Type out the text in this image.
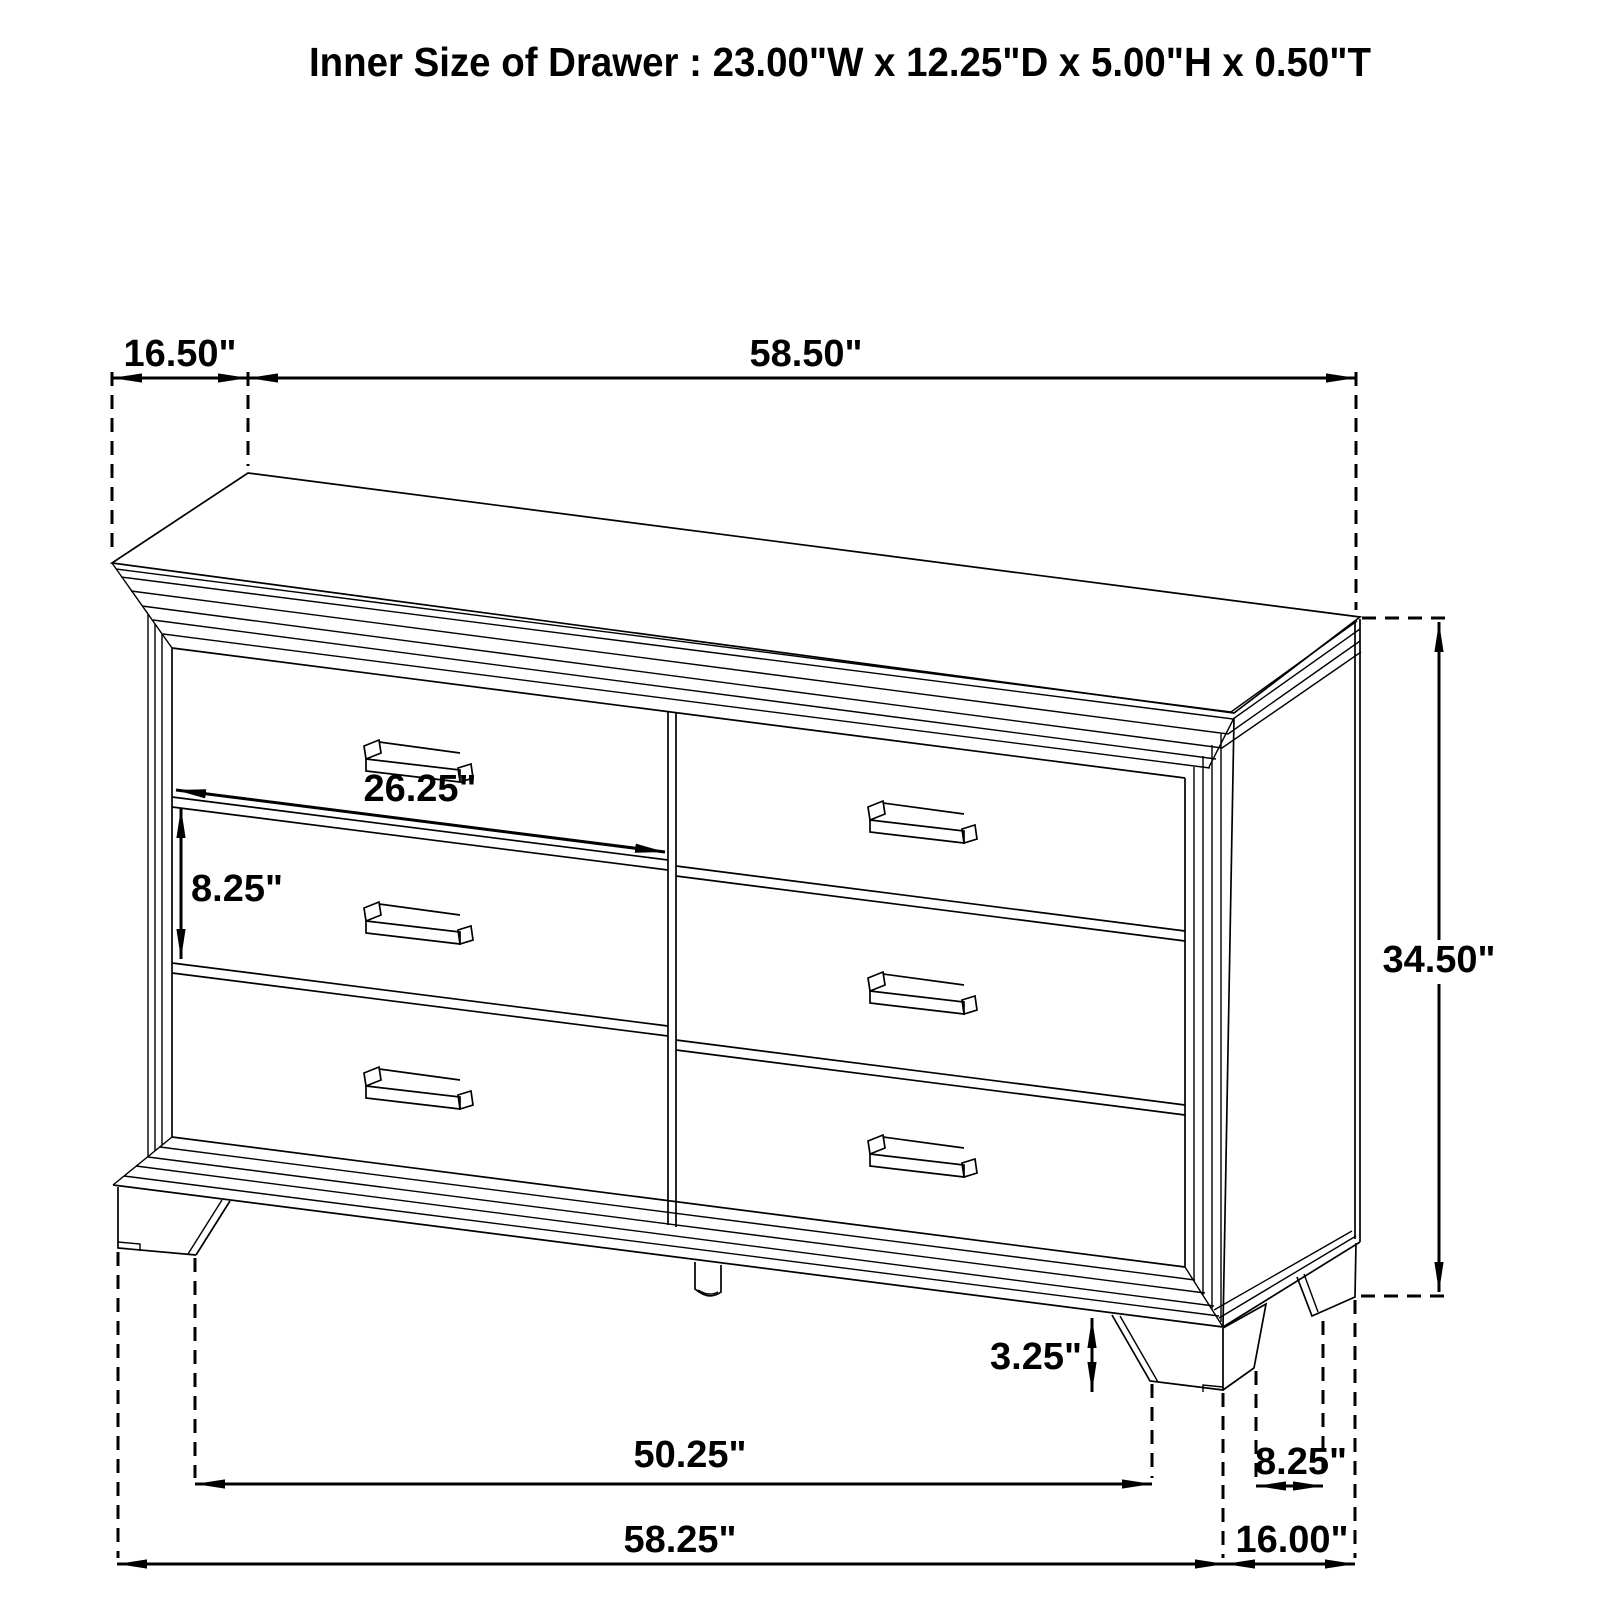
Inner Size of Drawer : 23.00"W x 12.25"D x 5.00"H x 0.50"T
16.50"	58.50"
34.50"
26.25"
8.25"
3.25"
50.25"	8.25"
58.25"	16.00"
